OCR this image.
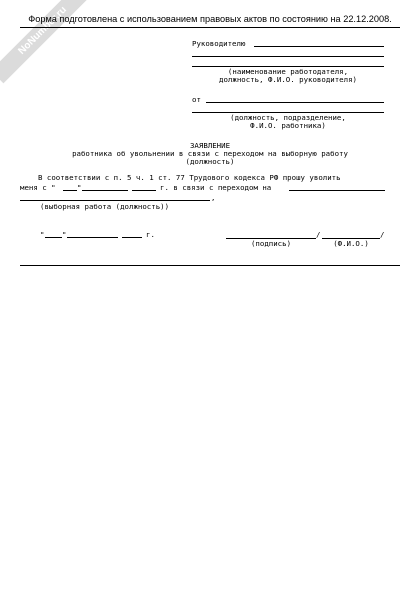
NoNumber.ru
Форма подготовлена с использованием правовых актов по состоянию на 22.12.2008.
Руководителю
(наименование работодателя,
должность, Ф.И.О. руководителя)
от
(должность, подразделение,
Ф.И.О. работника)
ЗАЯВЛЕНИЕ
работника об увольнении в связи с переходом на выборную работу
(должность)
В соответствии с п. 5 ч. 1 ст. 77 Трудового кодекса РФ прошу уволить
меня с "	"	г. в связи с переходом на
,
(выборная работа (должность))
" "	г.	/	/
(подпись)	(Ф.И.О.)
